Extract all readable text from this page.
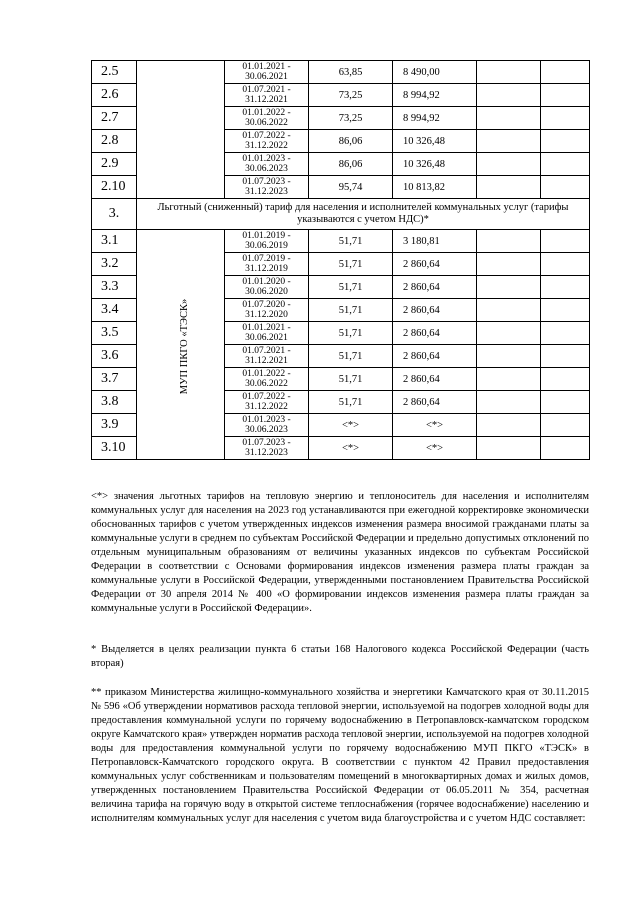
2.5		01.01.2021 - 30.06.2021	63,85	8 490,00		
2.6		01.07.2021 - 31.12.2021	73,25	8 994,92		
2.7		01.01.2022 - 30.06.2022	73,25	8 994,92		
2.8		01.07.2022 - 31.12.2022	86,06	10 326,48		
2.9		01.01.2023 - 30.06.2023	86,06	10 326,48		
2.10		01.07.2023 - 31.12.2023	95,74	10 813,82		
3.	Льготный (сниженный) тариф для населения и исполнителей коммунальных услуг (тарифы указываются с учетом НДС)*					
3.1	МУП ПКГО «ТЭСК»	01.01.2019 - 30.06.2019	51,71	3 180,81		
3.2		01.07.2019 - 31.12.2019	51,71	2 860,64		
3.3		01.01.2020 - 30.06.2020	51,71	2 860,64		
3.4		01.07.2020 - 31.12.2020	51,71	2 860,64		
3.5		01.01.2021 - 30.06.2021	51,71	2 860,64		
3.6		01.07.2021 - 31.12.2021	51,71	2 860,64		
3.7		01.01.2022 - 30.06.2022	51,71	2 860,64		
3.8		01.07.2022 - 31.12.2022	51,71	2 860,64		
3.9		01.01.2023 - 30.06.2023	<*>	<*>		
3.10		01.07.2023 - 31.12.2023	<*>	<*>		

<*> значения льготных тарифов на тепловую энергию и теплоноситель для населения и исполнителям коммунальных услуг для населения на 2023 год устанавливаются при ежегодной корректировке экономически обоснованных тарифов с учетом утвержденных индексов изменения размера вносимой гражданами платы за коммунальные услуги в среднем по субъектам Российской Федерации и предельно допустимых отклонений по отдельным муниципальным образованиям от величины указанных индексов по субъектам Российской Федерации в соответствии с Основами формирования индексов изменения размера платы граждан за коммунальные услуги в Российской Федерации, утвержденными постановлением Правительства Российской Федерации от 30 апреля 2014 № 400 «О формировании индексов изменения размера платы граждан за коммунальные услуги в Российской Федерации».

* Выделяется в целях реализации пункта 6 статьи 168 Налогового кодекса Российской Федерации (часть вторая)

** приказом Министерства жилищно-коммунального хозяйства и энергетики Камчатского края от 30.11.2015 № 596 «Об утверждении нормативов расхода тепловой энергии, используемой на подогрев холодной воды для предоставления коммунальной услуги по горячему водоснабжению в Петропавловск-камчатском городском округе Камчатского края» утвержден норматив расхода тепловой энергии, используемой на подогрев холодной воды для предоставления коммунальной услуги по горячему водоснабжению МУП ПКГО «ТЭСК» в Петропавловск-Камчатского городского округа. В соответствии с пунктом 42 Правил предоставления коммунальных услуг собственникам и пользователям помещений в многоквартирных домах и жилых домов, утвержденных постановлением Правительства Российской Федерации от 06.05.2011 № 354, расчетная величина тарифа на горячую воду в открытой системе теплоснабжения (горячее водоснабжение) населению и исполнителям коммунальных услуг для населения с учетом вида благоустройства и с учетом НДС составляет:
